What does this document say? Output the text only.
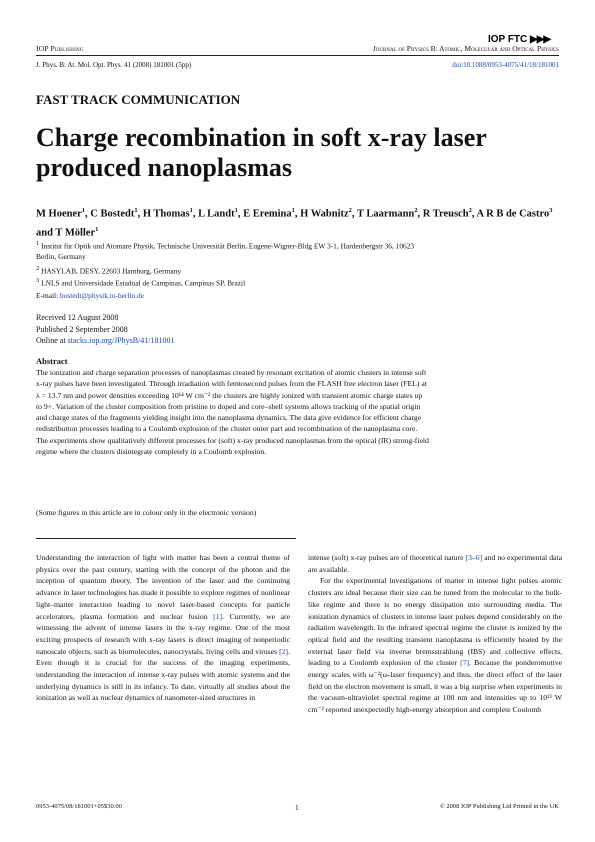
IOP Publishing
IOP FTC ▶▶▶
Journal of Physics B: Atomic, Molecular and Optical Physics
J. Phys. B: At. Mol. Opt. Phys. 41 (2008) 181001 (5pp)	doi:10.1088/0953-4075/41/18/181001
FAST TRACK COMMUNICATION
Charge recombination in soft x-ray laser produced nanoplasmas
M Hoener$^1$, C Bostedt$^1$, H Thomas$^1$, L Landt$^1$, E Eremina$^1$, H Wabnitz$^2$, T Laarmann$^2$, R Treusch$^2$, A R B de Castro$^3$ and T Möller$^1$
$^1$ Institut für Optik und Atomare Physik, Technische Universität Berlin, Eugene-Wigner-Bldg EW 3-1, Hardenbergstr 36, 10623 Berlin, Germany
$^2$ HASYLAB, DESY, 22603 Hamburg, Germany
$^3$ LNLS and Universidade Estadual de Campinas, Campinas SP, Brazil
E-mail: bostedt@physik.tu-berlin.de
Received 12 August 2008
Published 2 September 2008
Online at stacks.iop.org/JPhysB/41/181001
Abstract
The ionization and charge separation processes of nanoplasmas created by resonant excitation of atomic clusters in intense soft x-ray pulses have been investigated. Through irradiation with femtosecond pulses from the FLASH free electron laser (FEL) at λ = 13.7 nm and power densities exceeding 10¹⁴ W cm⁻² the clusters are highly ionized with transient atomic charge states up to 9+. Variation of the cluster composition from pristine to doped and core–shell systems allows tracking of the spatial origin and charge states of the fragments yielding insight into the nanoplasma dynamics. The data give evidence for efficient charge redistribution processes leading to a Coulomb explosion of the cluster outer part and recombination of the nanoplasma core. The experiments show qualitatively different processes for (soft) x-ray produced nanoplasmas from the optical (IR) strong-field regime where the clusters disintegrate completely in a Coulomb explosion.
(Some figures in this article are in colour only in the electronic version)

Understanding the interaction of light with matter has been a central theme of physics over the past century, starting with the concept of the photon and the inception of quantum theory. The invention of the laser and the continuing advance in laser technologies has made it possible to explore regimes of nonlinear light–matter interaction leading to novel laser-based concepts for particle accelerators, plasma formation and nuclear fusion [1]. Currently, we are witnessing the advent of intense lasers in the x-ray regime. One of the most exciting prospects of research with x-ray lasers is direct imaging of nonperiodic nanoscale objects, such as biomolecules, nanocrystals, living cells and viruses [2]. Even though it is crucial for the success of the imaging experiments, understanding the interaction of intense x-ray pulses with atomic systems and the underlying dynamics is still in its infancy. To date, virtually all studies about the ionization as well as nuclear dynamics of nanometer-sized structures in

intense (soft) x-ray pulses are of theoretical nature [3–6] and no experimental data are available.

For the experimental investigations of matter in intense light pulses atomic clusters are ideal because their size can be tuned from the molecular to the bulk-like regime and there is no energy dissipation into surrounding media. The ionization dynamics of clusters in intense laser pulses depend considerably on the radiation wavelength. In the infrared spectral regime the cluster is ionized by the optical field and the resulting transient nanoplasma is efficiently heated by the external laser field via inverse bremsstrahlung (IBS) and collective effects, leading to a Coulomb explosion of the cluster [7]. Because the ponderomotive energy scales with ω⁻²(ω-laser frequency) and thus, the direct effect of the laser field on the electron movement is small, it was a big surprise when experiments in the vacuum-ultraviolet spectral regime at 100 nm and intensities up to 10¹³ W cm⁻² reported unexpectedly high-energy absorption and complete Coulomb

0953-4075/08/181001+05$30.00	1	© 2008 IOP Publishing Ltd Printed in the UK
